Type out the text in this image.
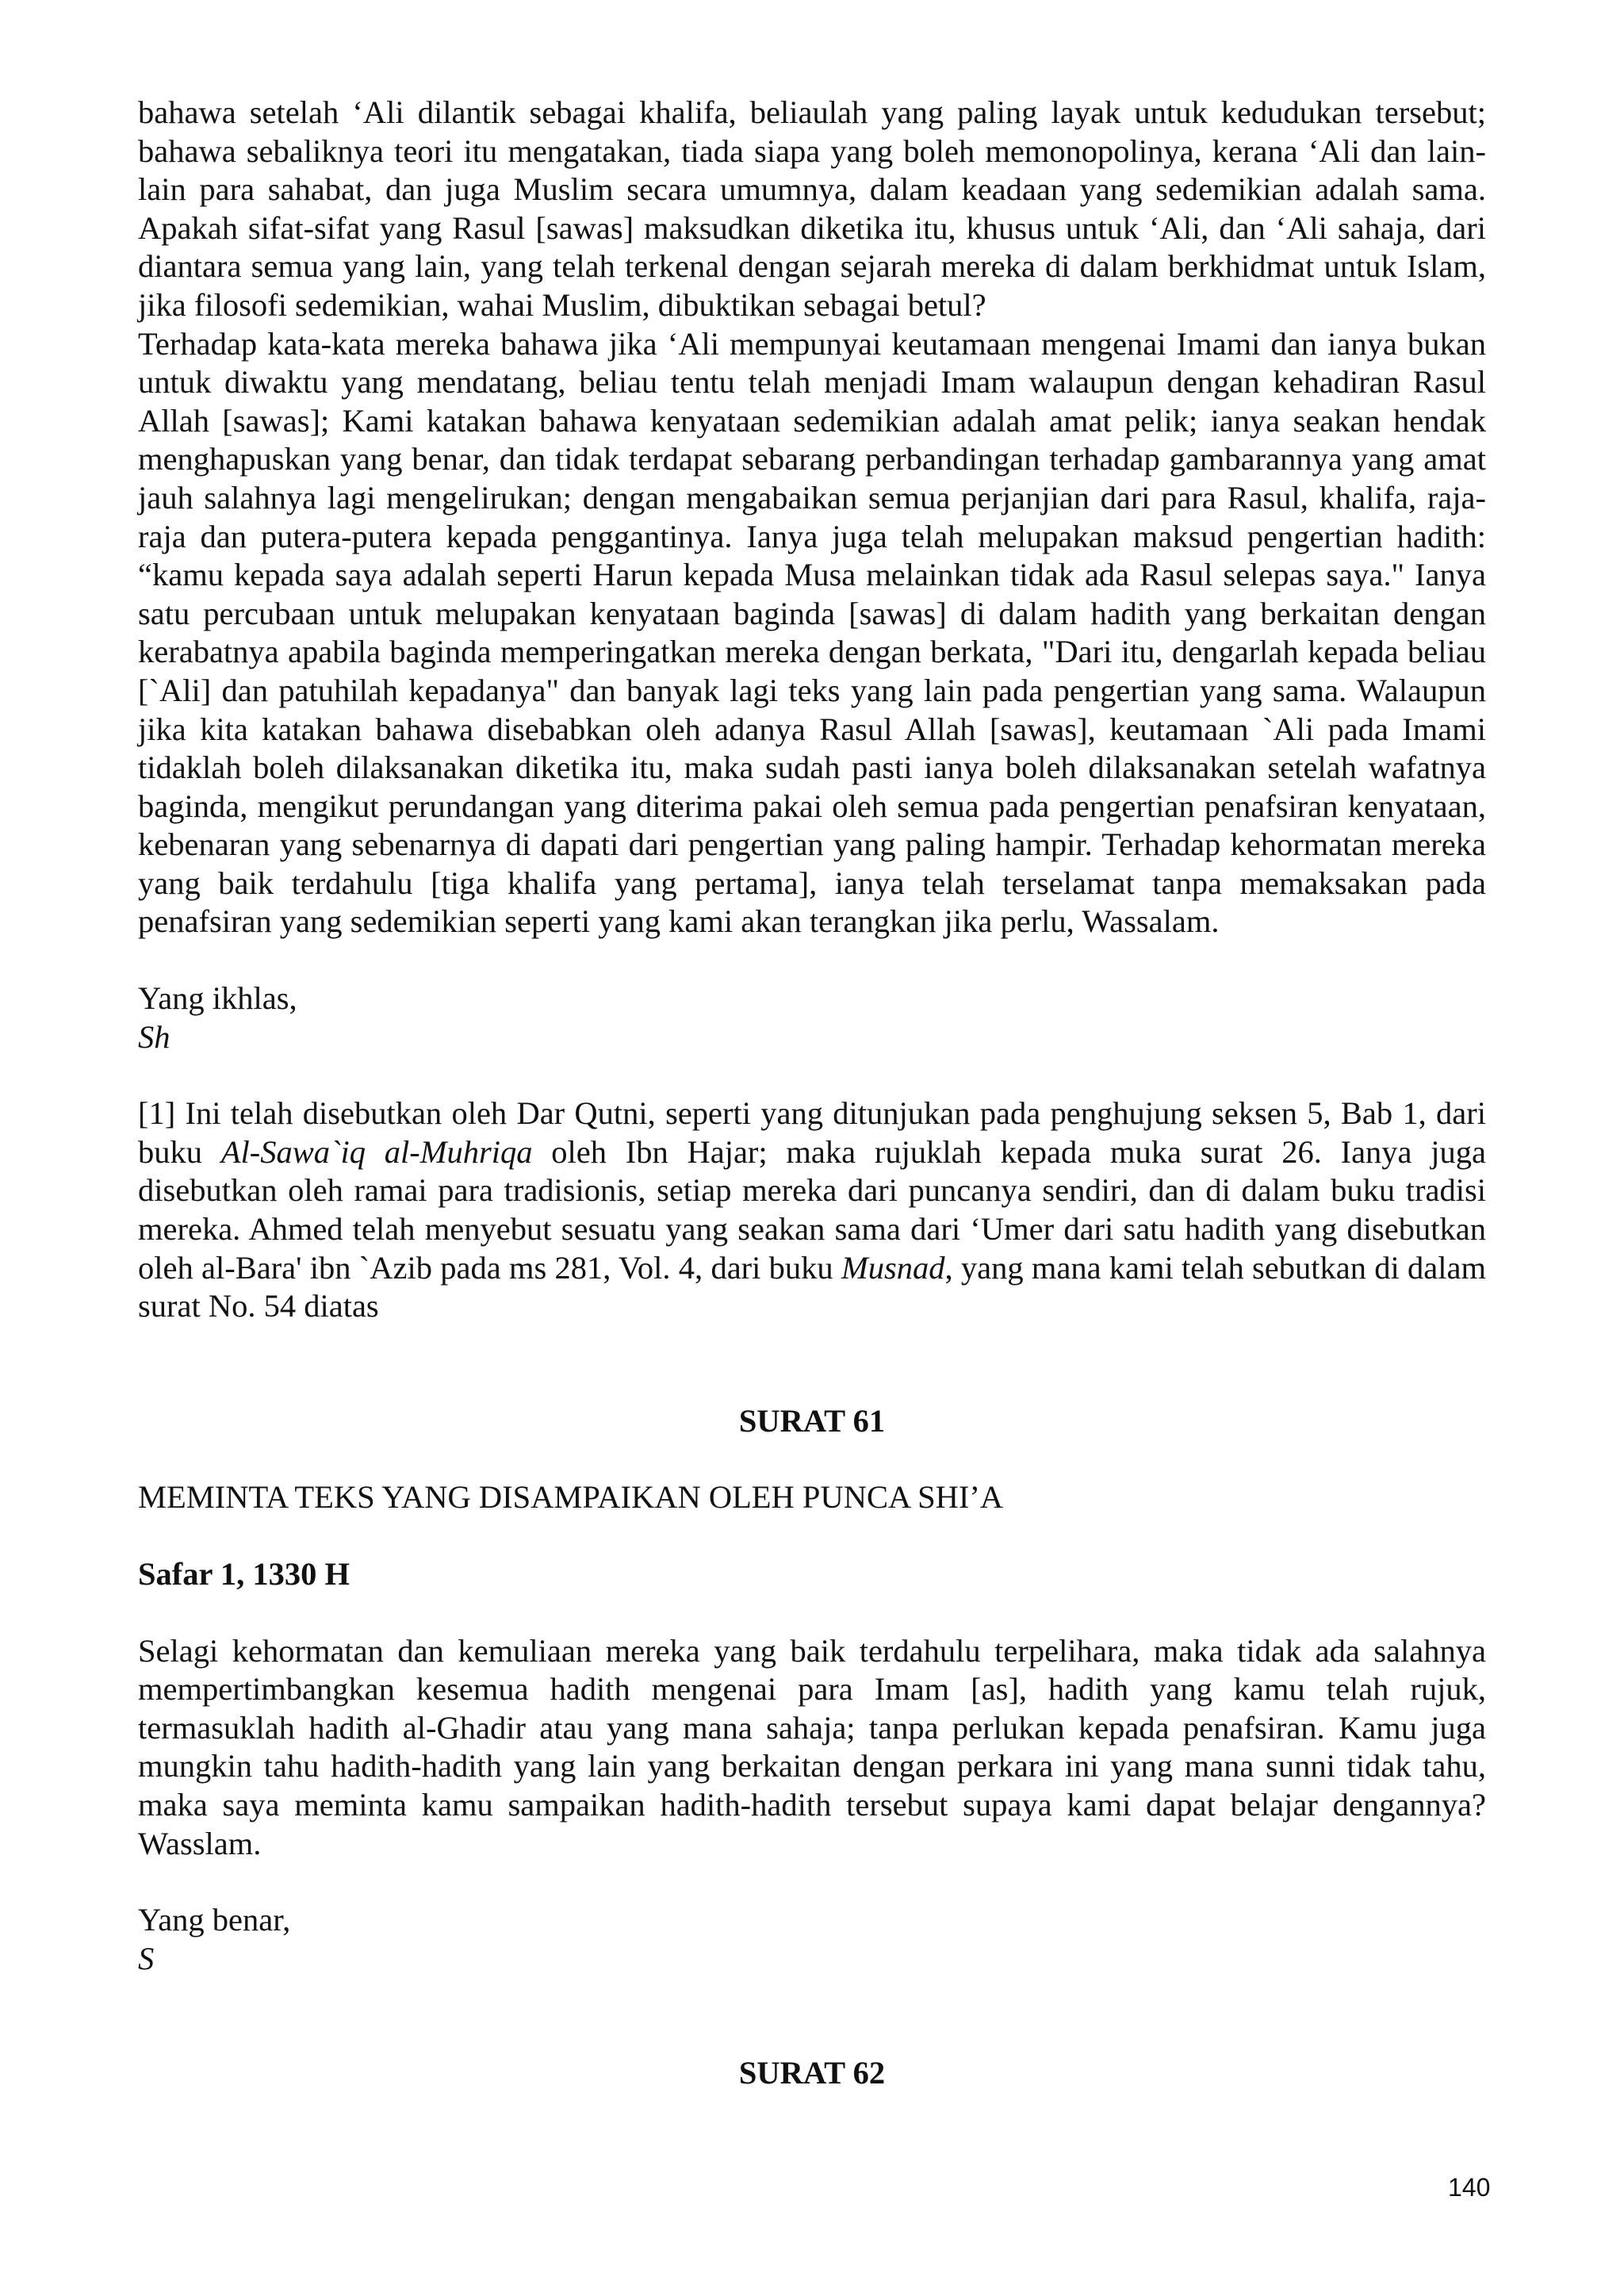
bahawa setelah ‘Ali dilantik sebagai khalifa, beliaulah yang paling layak untuk kedudukan tersebut; bahawa sebaliknya teori itu mengatakan, tiada siapa yang boleh memonopolinya, kerana ‘Ali dan lain-lain para sahabat, dan juga Muslim secara umumnya, dalam keadaan yang sedemikian adalah sama. Apakah sifat-sifat yang Rasul [sawas] maksudkan diketika itu, khusus untuk ‘Ali, dan ‘Ali sahaja, dari diantara semua yang lain, yang telah terkenal dengan sejarah mereka di dalam berkhidmat untuk Islam, jika filosofi sedemikian, wahai Muslim, dibuktikan sebagai betul?

Terhadap kata-kata mereka bahawa jika ‘Ali mempunyai keutamaan mengenai Imami dan ianya bukan untuk diwaktu yang mendatang, beliau tentu telah menjadi Imam walaupun dengan kehadiran Rasul Allah [sawas]; Kami katakan bahawa kenyataan sedemikian adalah amat pelik; ianya seakan hendak menghapuskan yang benar, dan tidak terdapat sebarang perbandingan terhadap gambarannya yang amat jauh salahnya lagi mengelirukan; dengan mengabaikan semua perjanjian dari para Rasul, khalifa, raja-raja dan putera-putera kepada penggantinya. Ianya juga telah melupakan maksud pengertian hadith: “kamu kepada saya adalah seperti Harun kepada Musa melainkan tidak ada Rasul selepas saya." Ianya satu percubaan untuk melupakan kenyataan baginda [sawas] di dalam hadith yang berkaitan dengan kerabatnya apabila baginda memperingatkan mereka dengan berkata, "Dari itu, dengarlah kepada beliau [`Ali] dan patuhilah kepadanya" dan banyak lagi teks yang lain pada pengertian yang sama. Walaupun jika kita katakan bahawa disebabkan oleh adanya Rasul Allah [sawas], keutamaan `Ali pada Imami tidaklah boleh dilaksanakan diketika itu, maka sudah pasti ianya boleh dilaksanakan setelah wafatnya baginda, mengikut perundangan yang diterima pakai oleh semua pada pengertian penafsiran kenyataan, kebenaran yang sebenarnya di dapati dari pengertian yang paling hampir. Terhadap kehormatan mereka yang baik terdahulu [tiga khalifa yang pertama], ianya telah terselamat tanpa memaksakan pada penafsiran yang sedemikian seperti yang kami akan terangkan jika perlu, Wassalam.

Yang ikhlas,

Sh

[1] Ini telah disebutkan oleh Dar Qutni, seperti yang ditunjukan pada penghujung seksen 5, Bab 1, dari buku Al-Sawa`iq al-Muhriqa oleh Ibn Hajar; maka rujuklah kepada muka surat 26. Ianya juga disebutkan oleh ramai para tradisionis, setiap mereka dari puncanya sendiri, dan di dalam buku tradisi mereka. Ahmed telah menyebut sesuatu yang seakan sama dari ‘Umer dari satu hadith yang disebutkan oleh al-Bara' ibn `Azib pada ms 281, Vol. 4, dari buku Musnad, yang mana kami telah sebutkan di dalam surat No. 54 diatas

SURAT 61

MEMINTA TEKS YANG DISAMPAIKAN OLEH PUNCA SHI’A

Safar 1, 1330 H

Selagi kehormatan dan kemuliaan mereka yang baik terdahulu terpelihara, maka tidak ada salahnya mempertimbangkan kesemua hadith mengenai para Imam [as], hadith yang kamu telah rujuk, termasuklah hadith al-Ghadir atau yang mana sahaja; tanpa perlukan kepada penafsiran. Kamu juga mungkin tahu hadith-hadith yang lain yang berkaitan dengan perkara ini yang mana sunni tidak tahu, maka saya meminta kamu sampaikan hadith-hadith tersebut supaya kami dapat belajar dengannya? Wasslam.

Yang benar,

S

SURAT 62

140
